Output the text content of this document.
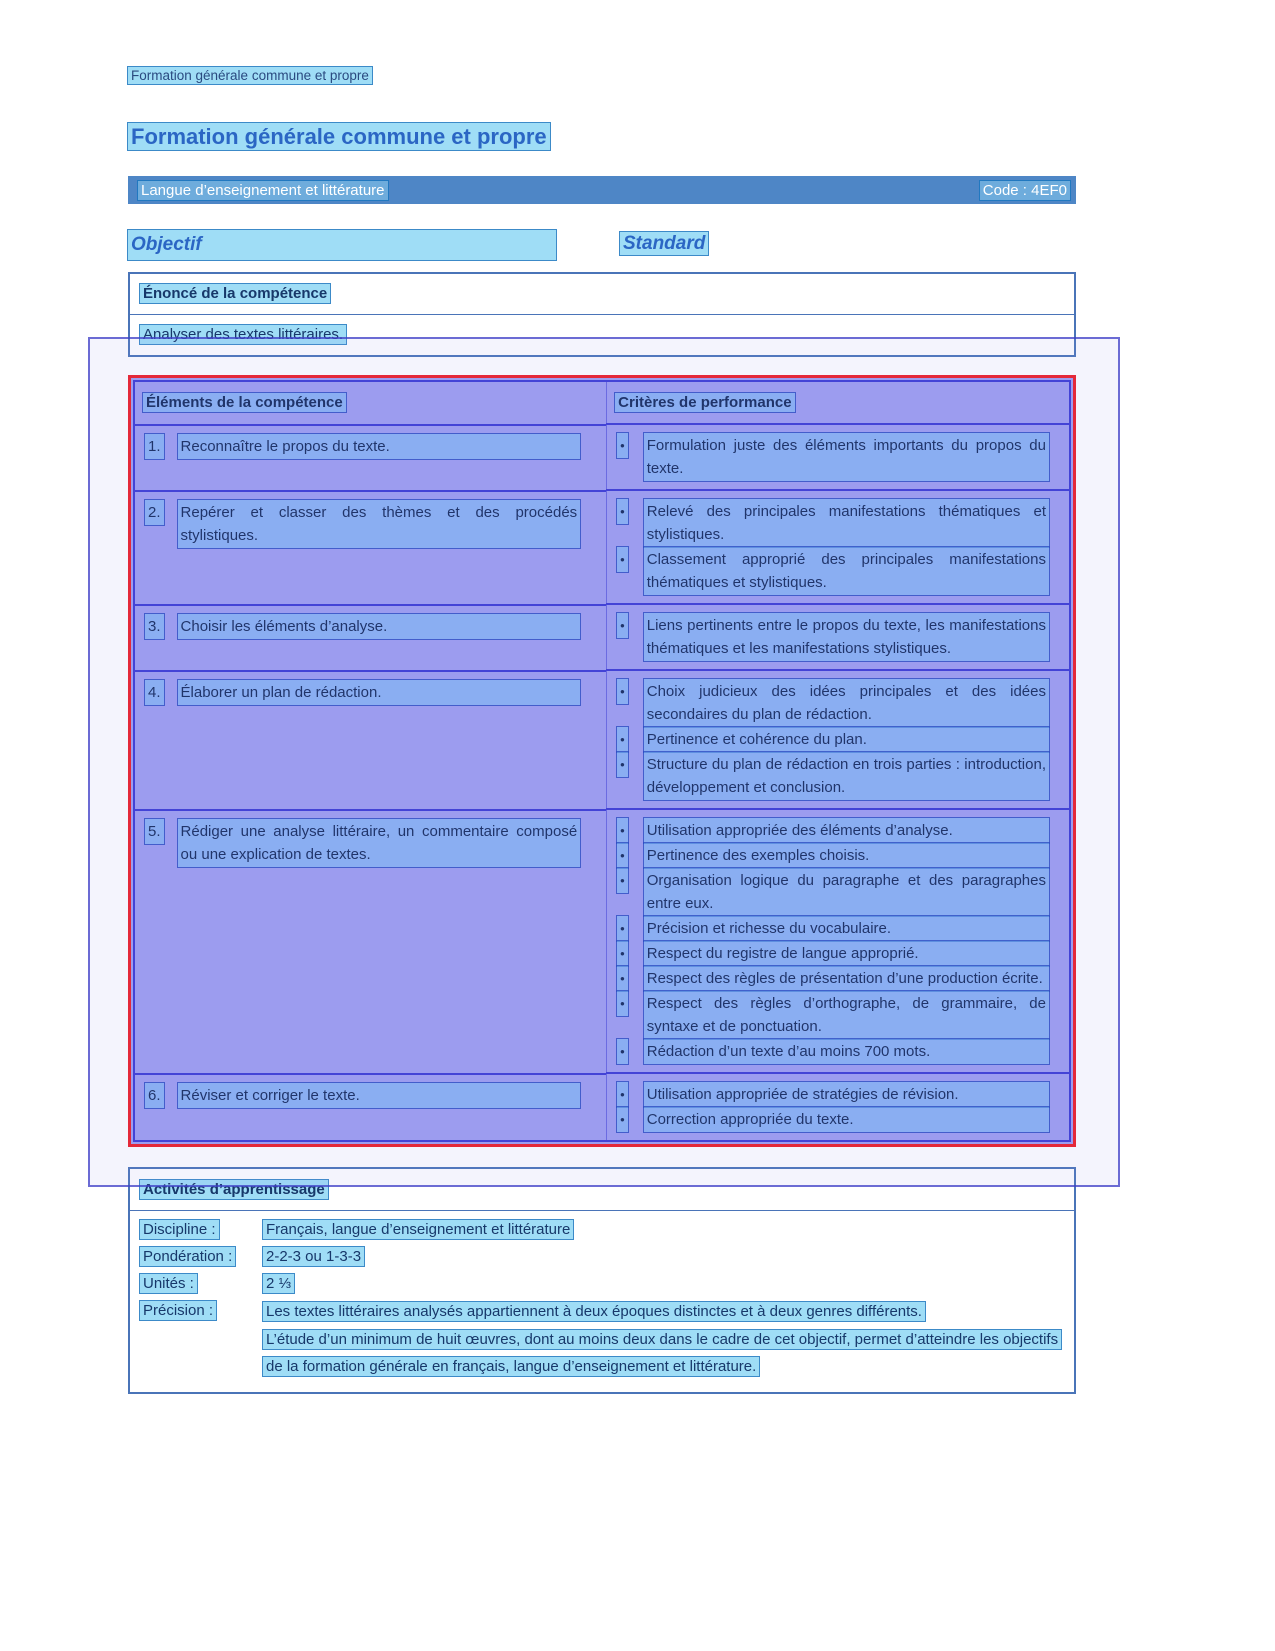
Formation générale commune et propre
Formation générale commune et propre
Langue d’enseignement et littérature	Code : 4EF0
Objectif	Standard
Énoncé de la compétence
Analyser des textes littéraires.
Éléments de la compétence	Critères de performance

1. Reconnaître le propos du texte.	• Formulation juste des éléments importants du propos du texte.

2. Repérer et classer des thèmes et des procédés stylistiques.
• Relevé des principales manifestations thématiques et stylistiques.
• Classement approprié des principales manifestations thématiques et stylistiques.

3. Choisir les éléments d’analyse.	• Liens pertinents entre le propos du texte, les manifestations thématiques et les manifestations stylistiques.

4. Élaborer un plan de rédaction.	• Choix judicieux des idées principales et des idées secondaires du plan de rédaction.
• Pertinence et cohérence du plan.
• Structure du plan de rédaction en trois parties : introduction, développement et conclusion.

5. Rédiger une analyse littéraire, un commentaire composé ou une explication de textes.
• Utilisation appropriée des éléments d’analyse.
• Pertinence des exemples choisis.
• Organisation logique du paragraphe et des paragraphes entre eux.
• Précision et richesse du vocabulaire.
• Respect du registre de langue approprié.
• Respect des règles de présentation d’une production écrite.
• Respect des règles d’orthographe, de grammaire, de syntaxe et de ponctuation.
• Rédaction d’un texte d’au moins 700 mots.

6. Réviser et corriger le texte.	• Utilisation appropriée de stratégies de révision.
• Correction appropriée du texte.
Activités d’apprentissage
Discipline :	Français, langue d’enseignement et littérature
Pondération :	2-2-3 ou 1-3-3
Unités :	2 ⅓
Précision :	Les textes littéraires analysés appartiennent à deux époques distinctes et à deux genres différents.
L’étude d’un minimum de huit œuvres, dont au moins deux dans le cadre de cet objectif, permet d’atteindre les objectifs de la formation générale en français, langue d’enseignement et littérature.
